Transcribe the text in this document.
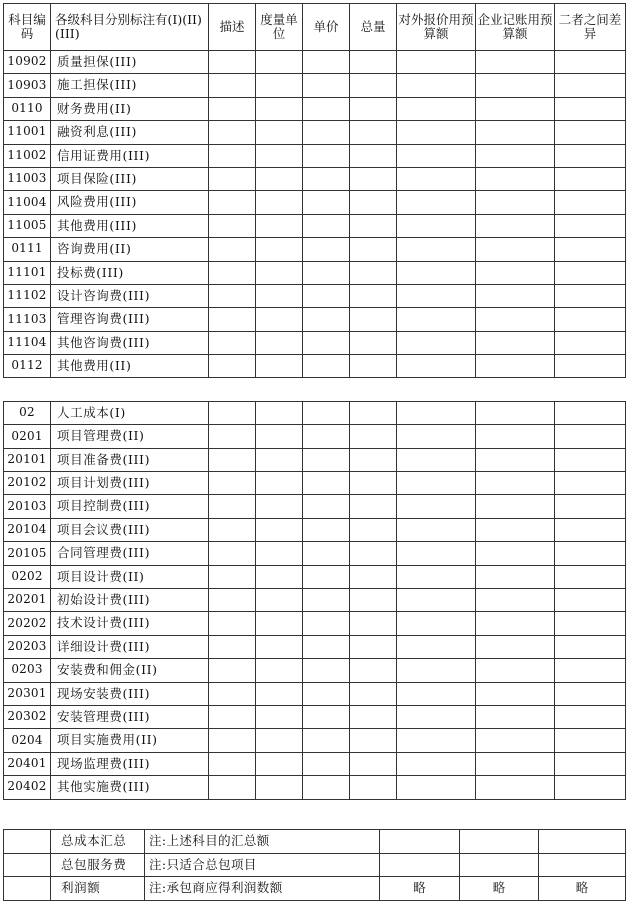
科目编码	各级科目分别标注有(I)(II)(III)	描述	度量单位	单价	总量	对外报价用预算额	企业记账用预算额	二者之间差异
10902	质量担保(III)							
10903	施工担保(III)							
0110	财务费用(II)							
11001	融资利息(III)							
11002	信用证费用(III)							
11003	项目保险(III)							
11004	风险费用(III)							
11005	其他费用(III)							
0111	咨询费用(II)							
11101	投标费(III)							
11102	设计咨询费(III)							
11103	管理咨询费(III)							
11104	其他咨询费(III)							
0112	其他费用(II)							

02	人工成本(I)							
0201	项目管理费(II)							
20101	项目准备费(III)							
20102	项目计划费(III)							
20103	项目控制费(III)							
20104	项目会议费(III)							
20105	合同管理费(III)							
0202	项目设计费(II)							
20201	初始设计费(III)							
20202	技术设计费(III)							
20203	详细设计费(III)							
0203	安装费和佣金(II)							
20301	现场安装费(III)							
20302	安装管理费(III)							
0204	项目实施费用(II)							
20401	现场监理费(III)							
20402	其他实施费(III)							
	总成本汇总	注:上述科目的汇总额			
	总包服务费	注:只适合总包项目			
	利润额	注:承包商应得利润数额	略	略	略
